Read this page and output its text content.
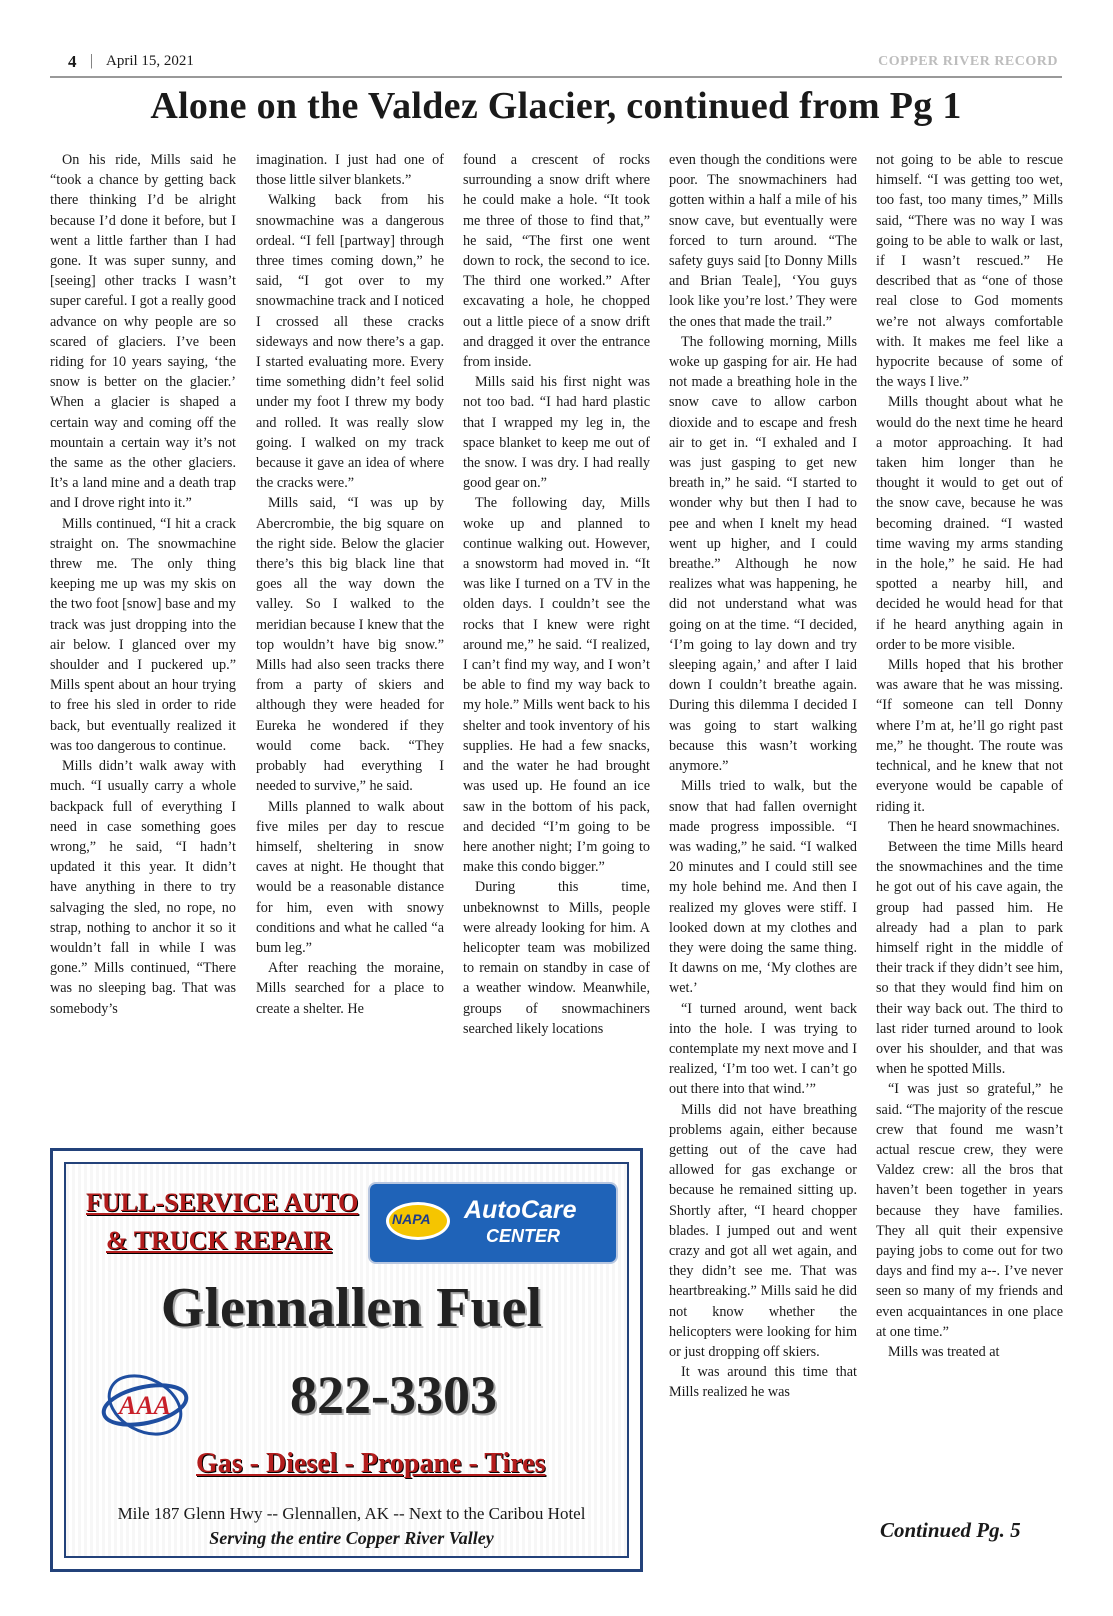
4 | April 15, 2021	COPPER RIVER RECORD
Alone on the Valdez Glacier, continued from Pg 1

On his ride, Mills said he “took a chance by getting back there thinking I’d be alright because I’d done it before, but I went a little farther than I had gone. It was super sunny, and [seeing] other tracks I wasn’t super careful. I got a really good advance on why people are so scared of glaciers. I’ve been riding for 10 years saying, ‘the snow is better on the glacier.’ When a glacier is shaped a certain way and coming off the mountain a certain way it’s not the same as the other glaciers. It’s a land mine and a death trap and I drove right into it.”

Mills continued, “I hit a crack straight on. The snowmachine threw me. The only thing keeping me up was my skis on the two foot [snow] base and my track was just dropping into the air below. I glanced over my shoulder and I puckered up.” Mills spent about an hour trying to free his sled in order to ride back, but eventually realized it was too dangerous to continue.

Mills didn’t walk away with much. “I usually carry a whole backpack full of everything I need in case something goes wrong,” he said, “I hadn’t updated it this year. It didn’t have anything in there to try salvaging the sled, no rope, no strap, nothing to anchor it so it wouldn’t fall in while I was gone.” Mills continued, “There was no sleeping bag. That was somebody’s

imagination. I just had one of those little silver blankets.”

Walking back from his snowmachine was a dangerous ordeal. “I fell [partway] through three times coming down,” he said, “I got over to my snowmachine track and I noticed I crossed all these cracks sideways and now there’s a gap. I started evaluating more. Every time something didn’t feel solid under my foot I threw my body and rolled. It was really slow going. I walked on my track because it gave an idea of where the cracks were.”

Mills said, “I was up by Abercrombie, the big square on the right side. Below the glacier there’s this big black line that goes all the way down the valley. So I walked to the meridian because I knew that the top wouldn’t have big snow.” Mills had also seen tracks there from a party of skiers and although they were headed for Eureka he wondered if they would come back. “They probably had everything I needed to survive,” he said.

Mills planned to walk about five miles per day to rescue himself, sheltering in snow caves at night. He thought that would be a reasonable distance for him, even with snowy conditions and what he called “a bum leg.”

After reaching the moraine, Mills searched for a place to create a shelter. He

found a crescent of rocks surrounding a snow drift where he could make a hole. “It took me three of those to find that,” he said, “The first one went down to rock, the second to ice. The third one worked.” After excavating a hole, he chopped out a little piece of a snow drift and dragged it over the entrance from inside.

Mills said his first night was not too bad. “I had hard plastic that I wrapped my leg in, the space blanket to keep me out of the snow. I was dry. I had really good gear on.”

The following day, Mills woke up and planned to continue walking out. However, a snowstorm had moved in. “It was like I turned on a TV in the olden days. I couldn’t see the rocks that I knew were right around me,” he said. “I realized, I can’t find my way, and I won’t be able to find my way back to my hole.” Mills went back to his shelter and took inventory of his supplies. He had a few snacks, and the water he had brought was used up. He found an ice saw in the bottom of his pack, and decided “I’m going to be here another night; I’m going to make this condo bigger.”

During this time, unbeknownst to Mills, people were already looking for him. A helicopter team was mobilized to remain on standby in case of a weather window. Meanwhile, groups of snowmachiners searched likely locations

even though the conditions were poor. The snowmachiners had gotten within a half a mile of his snow cave, but eventually were forced to turn around. “The safety guys said [to Donny Mills and Brian Teale], ‘You guys look like you’re lost.’ They were the ones that made the trail.”

The following morning, Mills woke up gasping for air. He had not made a breathing hole in the snow cave to allow carbon dioxide and to escape and fresh air to get in. “I exhaled and I was just gasping to get new breath in,” he said. “I started to wonder why but then I had to pee and when I knelt my head went up higher, and I could breathe.” Although he now realizes what was happening, he did not understand what was going on at the time. “I decided, ‘I’m going to lay down and try sleeping again,’ and after I laid down I couldn’t breathe again. During this dilemma I decided I was going to start walking because this wasn’t working anymore.”

Mills tried to walk, but the snow that had fallen overnight made progress impossible. “I was wading,” he said. “I walked 20 minutes and I could still see my hole behind me. And then I realized my gloves were stiff. I looked down at my clothes and they were doing the same thing. It dawns on me, ‘My clothes are wet.’

“I turned around, went back into the hole. I was trying to contemplate my next move and I realized, ‘I’m too wet. I can’t go out there into that wind.’”

Mills did not have breathing problems again, either because getting out of the cave had allowed for gas exchange or because he remained sitting up. Shortly after, “I heard chopper blades. I jumped out and went crazy and got all wet again, and they didn’t see me. That was heartbreaking.” Mills said he did not know whether the helicopters were looking for him or just dropping off skiers.

It was around this time that Mills realized he was

not going to be able to rescue himself. “I was getting too wet, too fast, too many times,” Mills said, “There was no way I was going to be able to walk or last, if I wasn’t rescued.” He described that as “one of those real close to God moments we’re not always comfortable with. It makes me feel like a hypocrite because of some of the ways I live.”

Mills thought about what he would do the next time he heard a motor approaching. It had taken him longer than he thought it would to get out of the snow cave, because he was becoming drained. “I wasted time waving my arms standing in the hole,” he said. He had spotted a nearby hill, and decided he would head for that if he heard anything again in order to be more visible.

Mills hoped that his brother was aware that he was missing. “If someone can tell Donny where I’m at, he’ll go right past me,” he thought. The route was technical, and he knew that not everyone would be capable of riding it.

Then he heard snowmachines.

Between the time Mills heard the snowmachines and the time he got out of his cave again, the group had passed him. He already had a plan to park himself right in the middle of their track if they didn’t see him, so that they would find him on their way back out. The third to last rider turned around to look over his shoulder, and that was when he spotted Mills.

“I was just so grateful,” he said. “The majority of the rescue crew that found me wasn’t actual rescue crew, they were Valdez crew: all the bros that haven’t been together in years because they have families. They all quit their expensive paying jobs to come out for two days and find my a--. I’ve never seen so many of my friends and even acquaintances in one place at one time.”

Mills was treated at

Continued Pg. 5
FULL-SERVICE AUTO
& TRUCK REPAIR
NAPA AutoCare
CENTER
Glennallen Fuel
AAA 822-3303
Gas - Diesel - Propane - Tires
Mile 187 Glenn Hwy -- Glennallen, AK -- Next to the Caribou Hotel
Serving the entire Copper River Valley
